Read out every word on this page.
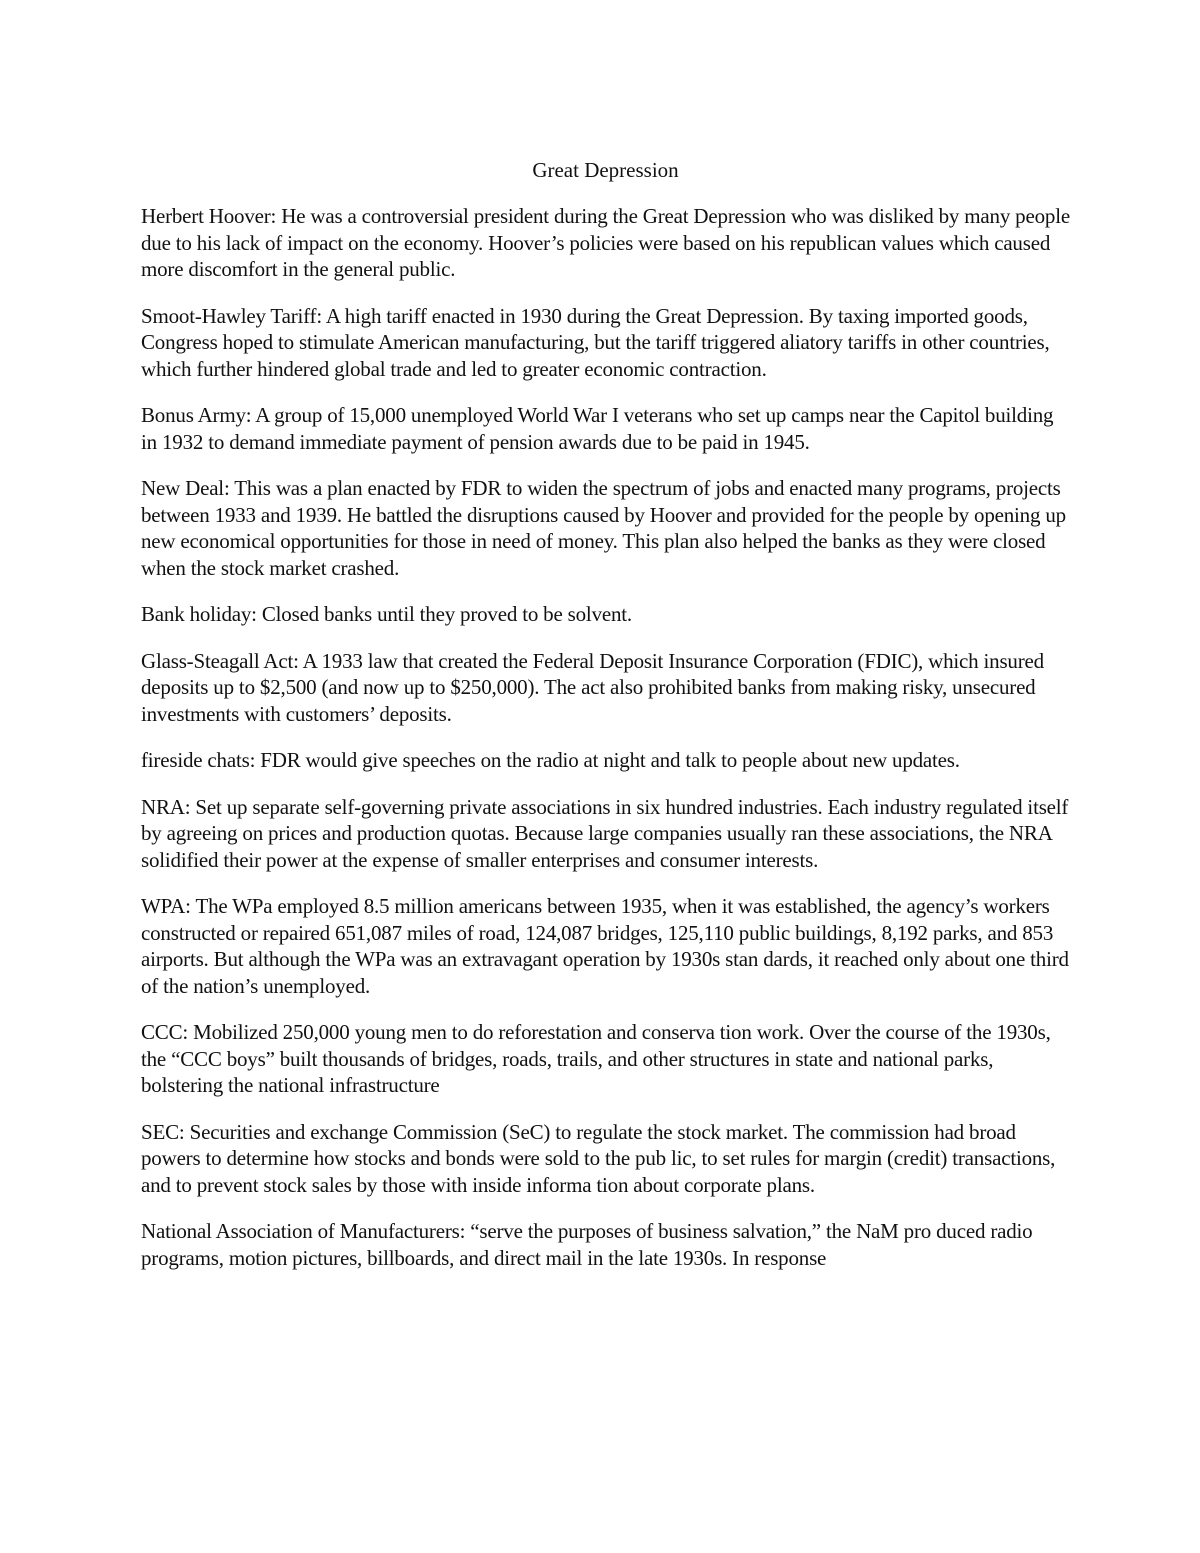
Great Depression

Herbert Hoover: He was a controversial president during the Great Depression who was disliked by many people due to his lack of impact on the economy. Hoover’s policies were based on his republican values which caused more discomfort in the general public.

Smoot-Hawley Tariff: A high tariff enacted in 1930 during the Great Depression. By taxing imported goods, Congress hoped to stimulate American manufacturing, but the tariff triggered aliatory tariffs in other countries, which further hindered global trade and led to greater economic contraction.

Bonus Army: A group of 15,000 unemployed World War I veterans who set up camps near the Capitol building in 1932 to demand immediate payment of pension awards due to be paid in 1945.

New Deal: This was a plan enacted by FDR to widen the spectrum of jobs and enacted many programs, projects between 1933 and 1939. He battled the disruptions caused by Hoover and provided for the people by opening up new economical opportunities for those in need of money. This plan also helped the banks as they were closed when the stock market crashed.

Bank holiday: Closed banks until they proved to be solvent.

Glass-Steagall Act: A 1933 law that created the Federal Deposit Insurance Corporation (FDIC), which insured deposits up to $2,500 (and now up to $250,000). The act also prohibited banks from making risky, unsecured investments with customers’ deposits.

fireside chats: FDR would give speeches on the radio at night and talk to people about new updates.

NRA: Set up separate self-governing private associations in six hundred industries. Each industry regulated itself by agreeing on prices and production quotas. Because large companies usually ran these associations, the NRA solidified their power at the expense of smaller enterprises and consumer interests.

WPA: The WPa employed 8.5 million americans between 1935, when it was established, the agency’s workers constructed or repaired 651,087 miles of road, 124,087 bridges, 125,110 public buildings, 8,192 parks, and 853 airports. But although the WPa was an extravagant operation by 1930s stan dards, it reached only about one third of the nation’s unemployed.

CCC: Mobilized 250,000 young men to do reforestation and conserva tion work. Over the course of the 1930s, the “CCC boys” built thousands of bridges, roads, trails, and other structures in state and national parks, bolstering the national infrastructure

SEC: Securities and exchange Commission (SeC) to regulate the stock market. The commission had broad powers to determine how stocks and bonds were sold to the pub lic, to set rules for margin (credit) transactions, and to prevent stock sales by those with inside informa tion about corporate plans.

National Association of Manufacturers: “serve the purposes of business salvation,” the NaM pro duced radio programs, motion pictures, billboards, and direct mail in the late 1930s. In response
